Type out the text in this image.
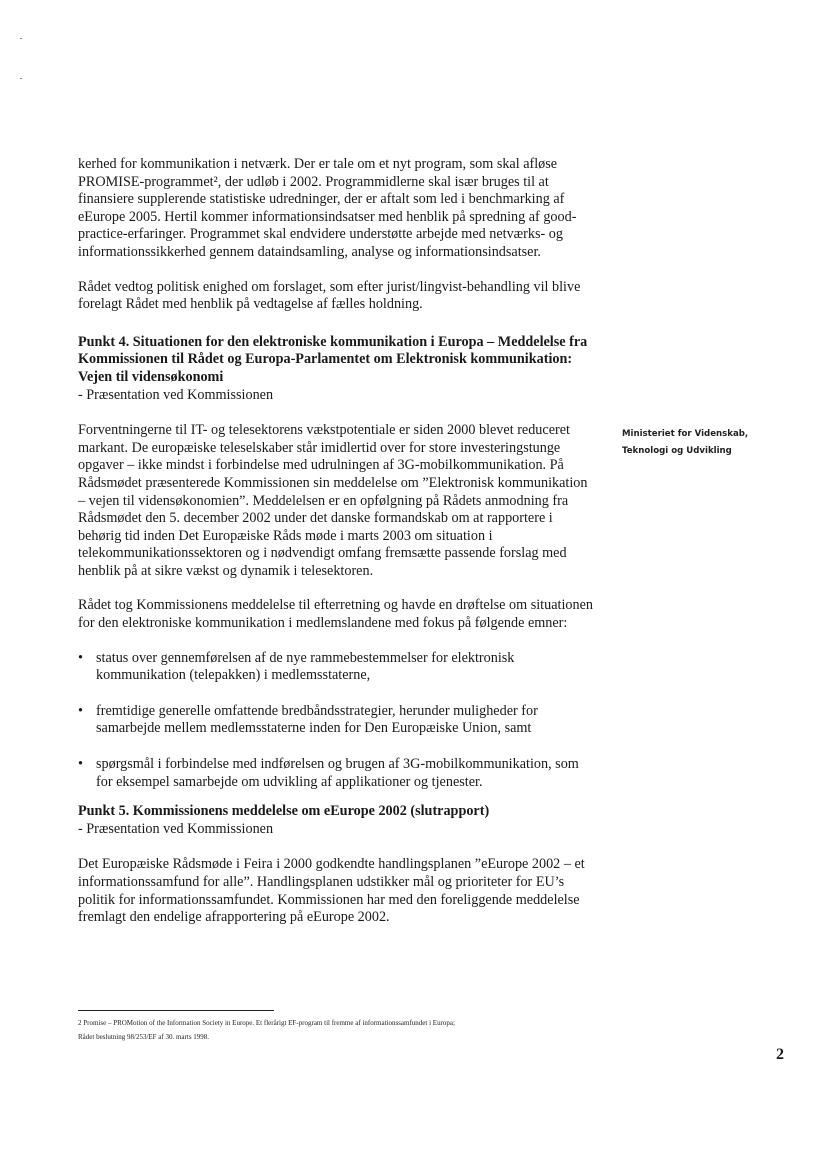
kerhed for kommunikation i netværk. Der er tale om et nyt program, som skal afløse PROMISE-programmet², der udløb i 2002. Programmidlerne skal især bruges til at finansiere supplerende statistiske udredninger, der er aftalt som led i benchmarking af eEurope 2005. Hertil kommer informationsindsatser med henblik på spredning af good-practice-erfaringer. Programmet skal endvidere understøtte arbejde med netværks- og informationssikkerhed gennem dataindsamling, analyse og informationsindsatser.

Rådet vedtog politisk enighed om forslaget, som efter jurist/lingvist-behandling vil blive forelagt Rådet med henblik på vedtagelse af fælles holdning.

Punkt 4. Situationen for den elektroniske kommunikation i Europa – Meddelelse fra Kommissionen til Rådet og Europa-Parlamentet om Elektronisk kommunikation: Vejen til vidensøkonomi

- Præsentation ved Kommissionen

Forventningerne til IT- og telesektorens vækstpotentiale er siden 2000 blevet reduceret markant. De europæiske teleselskaber står imidlertid over for store investeringstunge opgaver – ikke mindst i forbindelse med udrulningen af 3G-mobilkommunikation. På Rådsmødet præsenterede Kommissionen sin meddelelse om ”Elektronisk kommunikation – vejen til vidensøkonomien”. Meddelelsen er en opfølgning på Rådets anmodning fra Rådsmødet den 5. december 2002 under det danske formandskab om at rapportere i behørig tid inden Det Europæiske Råds møde i marts 2003 om situation i telekommunikationssektoren og i nødvendigt omfang fremsætte passende forslag med henblik på at sikre vækst og dynamik i telesektoren.

Rådet tog Kommissionens meddelelse til efterretning og havde en drøftelse om situationen for den elektroniske kommunikation i medlemslandene med fokus på følgende emner:

• status over gennemførelsen af de nye rammebestemmelser for elektronisk kommunikation (telepakken) i medlemsstaterne,
• fremtidige generelle omfattende bredbåndsstrategier, herunder muligheder for samarbejde mellem medlemsstaterne inden for Den Europæiske Union, samt
• spørgsmål i forbindelse med indførelsen og brugen af 3G-mobilkommunikation, som for eksempel samarbejde om udvikling af applikationer og tjenester.

Punkt 5. Kommissionens meddelelse om eEurope 2002 (slutrapport)

- Præsentation ved Kommissionen

Det Europæiske Rådsmøde i Feira i 2000 godkendte handlingsplanen ”eEurope 2002 – et informationssamfund for alle”. Handlingsplanen udstikker mål og prioriteter for EU’s politik for informationssamfundet. Kommissionen har med den foreliggende meddelelse fremlagt den endelige afrapportering på eEurope 2002.

Ministeriet for Videnskab,
Teknologi og Udvikling
2 Promise – PROMotion of the Information Society in Europe. Et flerårigt EF-program til fremme af informationssamfundet i Europa;
Rådet beslutning 98/253/EF af 30. marts 1998.
2
